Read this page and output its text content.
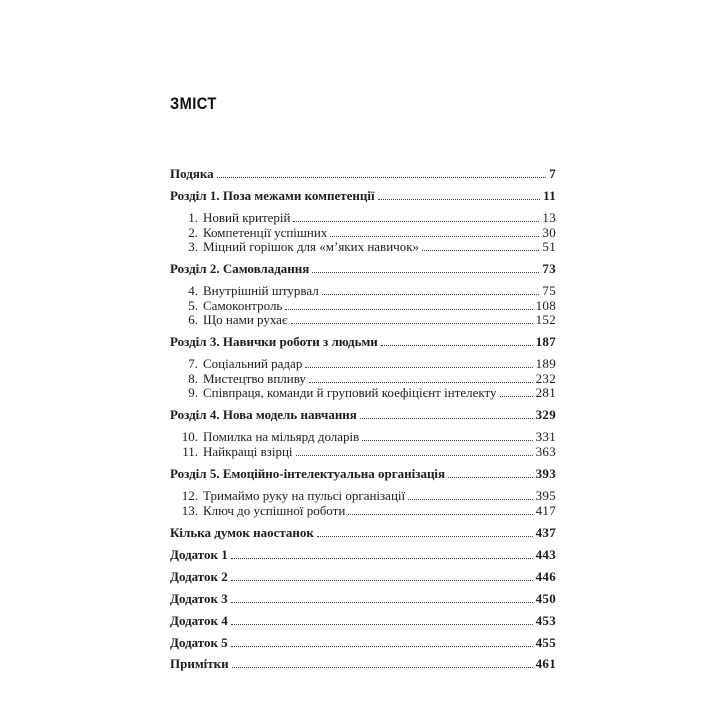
ЗМІСТ
Подяка	7
Розділ 1. Поза межами компетенції	11
1. Новий критерій	13
2. Компетенції успішних	30
3. Міцний горішок для «м’яких навичок»	51
Розділ 2. Самовладання	73
4. Внутрішній штурвал	75
5. Самоконтроль	108
6. Що нами рухає	152
Розділ 3. Навички роботи з людьми	187
7. Соціальний радар	189
8. Мистецтво впливу	232
9. Співпраця, команди й груповий коефіцієнт інтелекту	281
Розділ 4. Нова модель навчання	329
10. Помилка на мільярд доларів	331
11. Найкращі взірці	363
Розділ 5. Емоційно-інтелектуальна організація	393
12. Тримаймо руку на пульсі організації	395
13. Ключ до успішної роботи	417
Кілька думок наостанок	437
Додаток 1	443
Додаток 2	446
Додаток 3	450
Додаток 4	453
Додаток 5	455
Примітки	461
